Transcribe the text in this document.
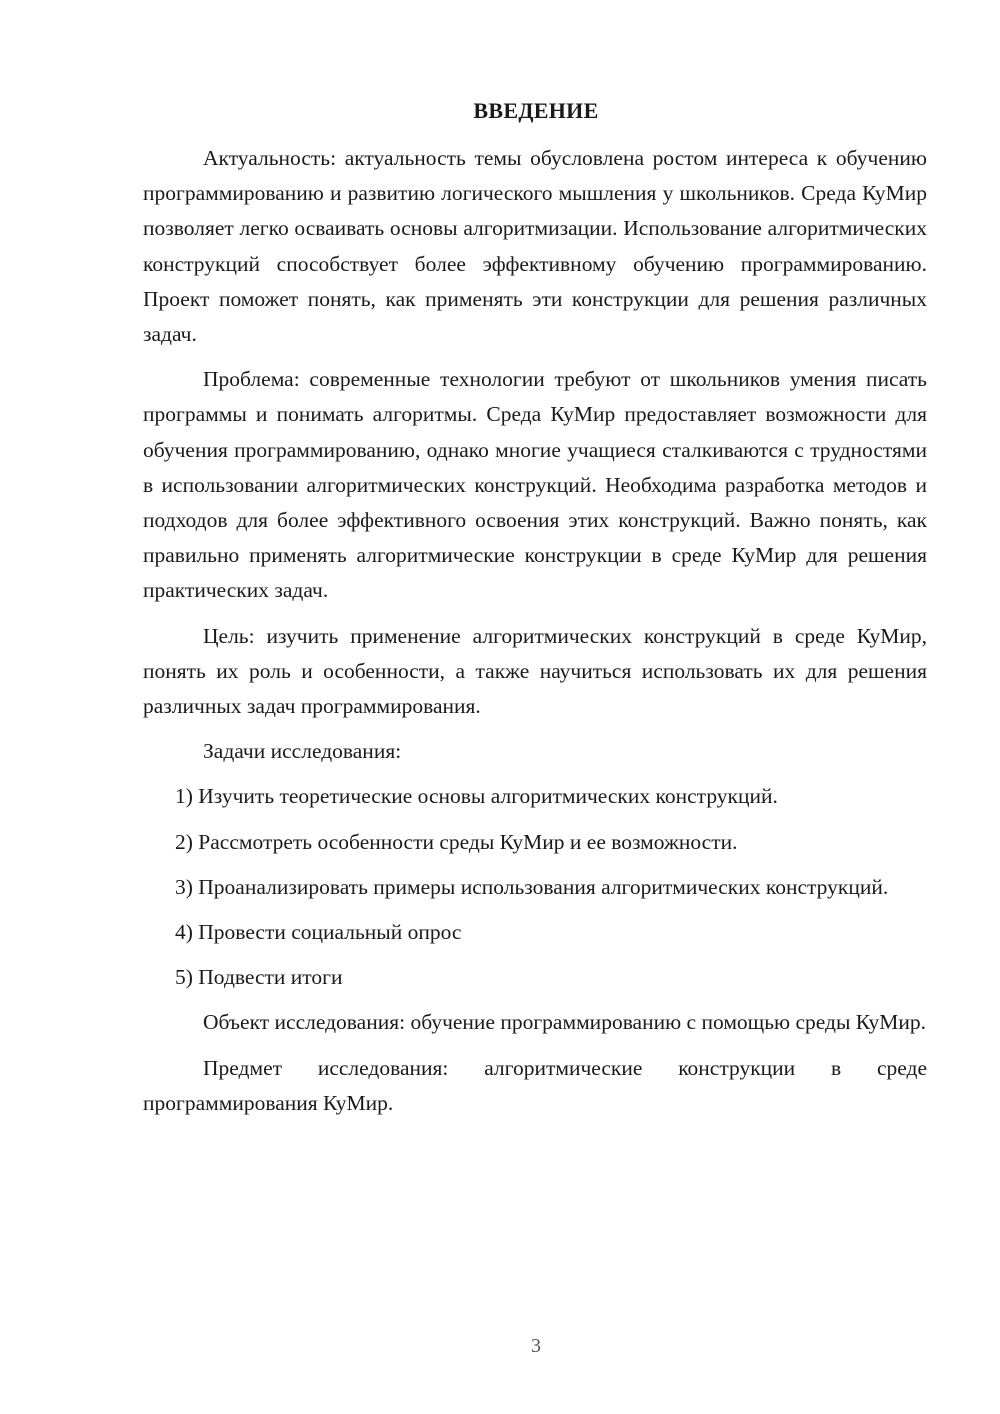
ВВЕДЕНИЕ

Актуальность: актуальность темы обусловлена ростом интереса к обучению программированию и развитию логического мышления у школьников. Среда КуМир позволяет легко осваивать основы алгоритмизации. Использование алгоритмических конструкций способствует более эффективному обучению программированию. Проект поможет понять, как применять эти конструкции для решения различных задач.

Проблема: современные технологии требуют от школьников умения писать программы и понимать алгоритмы. Среда КуМир предоставляет возможности для обучения программированию, однако многие учащиеся сталкиваются с трудностями в использовании алгоритмических конструкций. Необходима разработка методов и подходов для более эффективного освоения этих конструкций. Важно понять, как правильно применять алгоритмические конструкции в среде КуМир для решения практических задач.

Цель: изучить применение алгоритмических конструкций в среде КуМир, понять их роль и особенности, а также научиться использовать их для решения различных задач программирования.

Задачи исследования:

1) Изучить теоретические основы алгоритмических конструкций.

2) Рассмотреть особенности среды КуМир и ее возможности.

3) Проанализировать примеры использования алгоритмических конструкций.

4) Провести социальный опрос

5) Подвести итоги

Объект исследования: обучение программированию с помощью среды КуМир.

Предмет исследования: алгоритмические конструкции в среде программирования КуМир.

3
